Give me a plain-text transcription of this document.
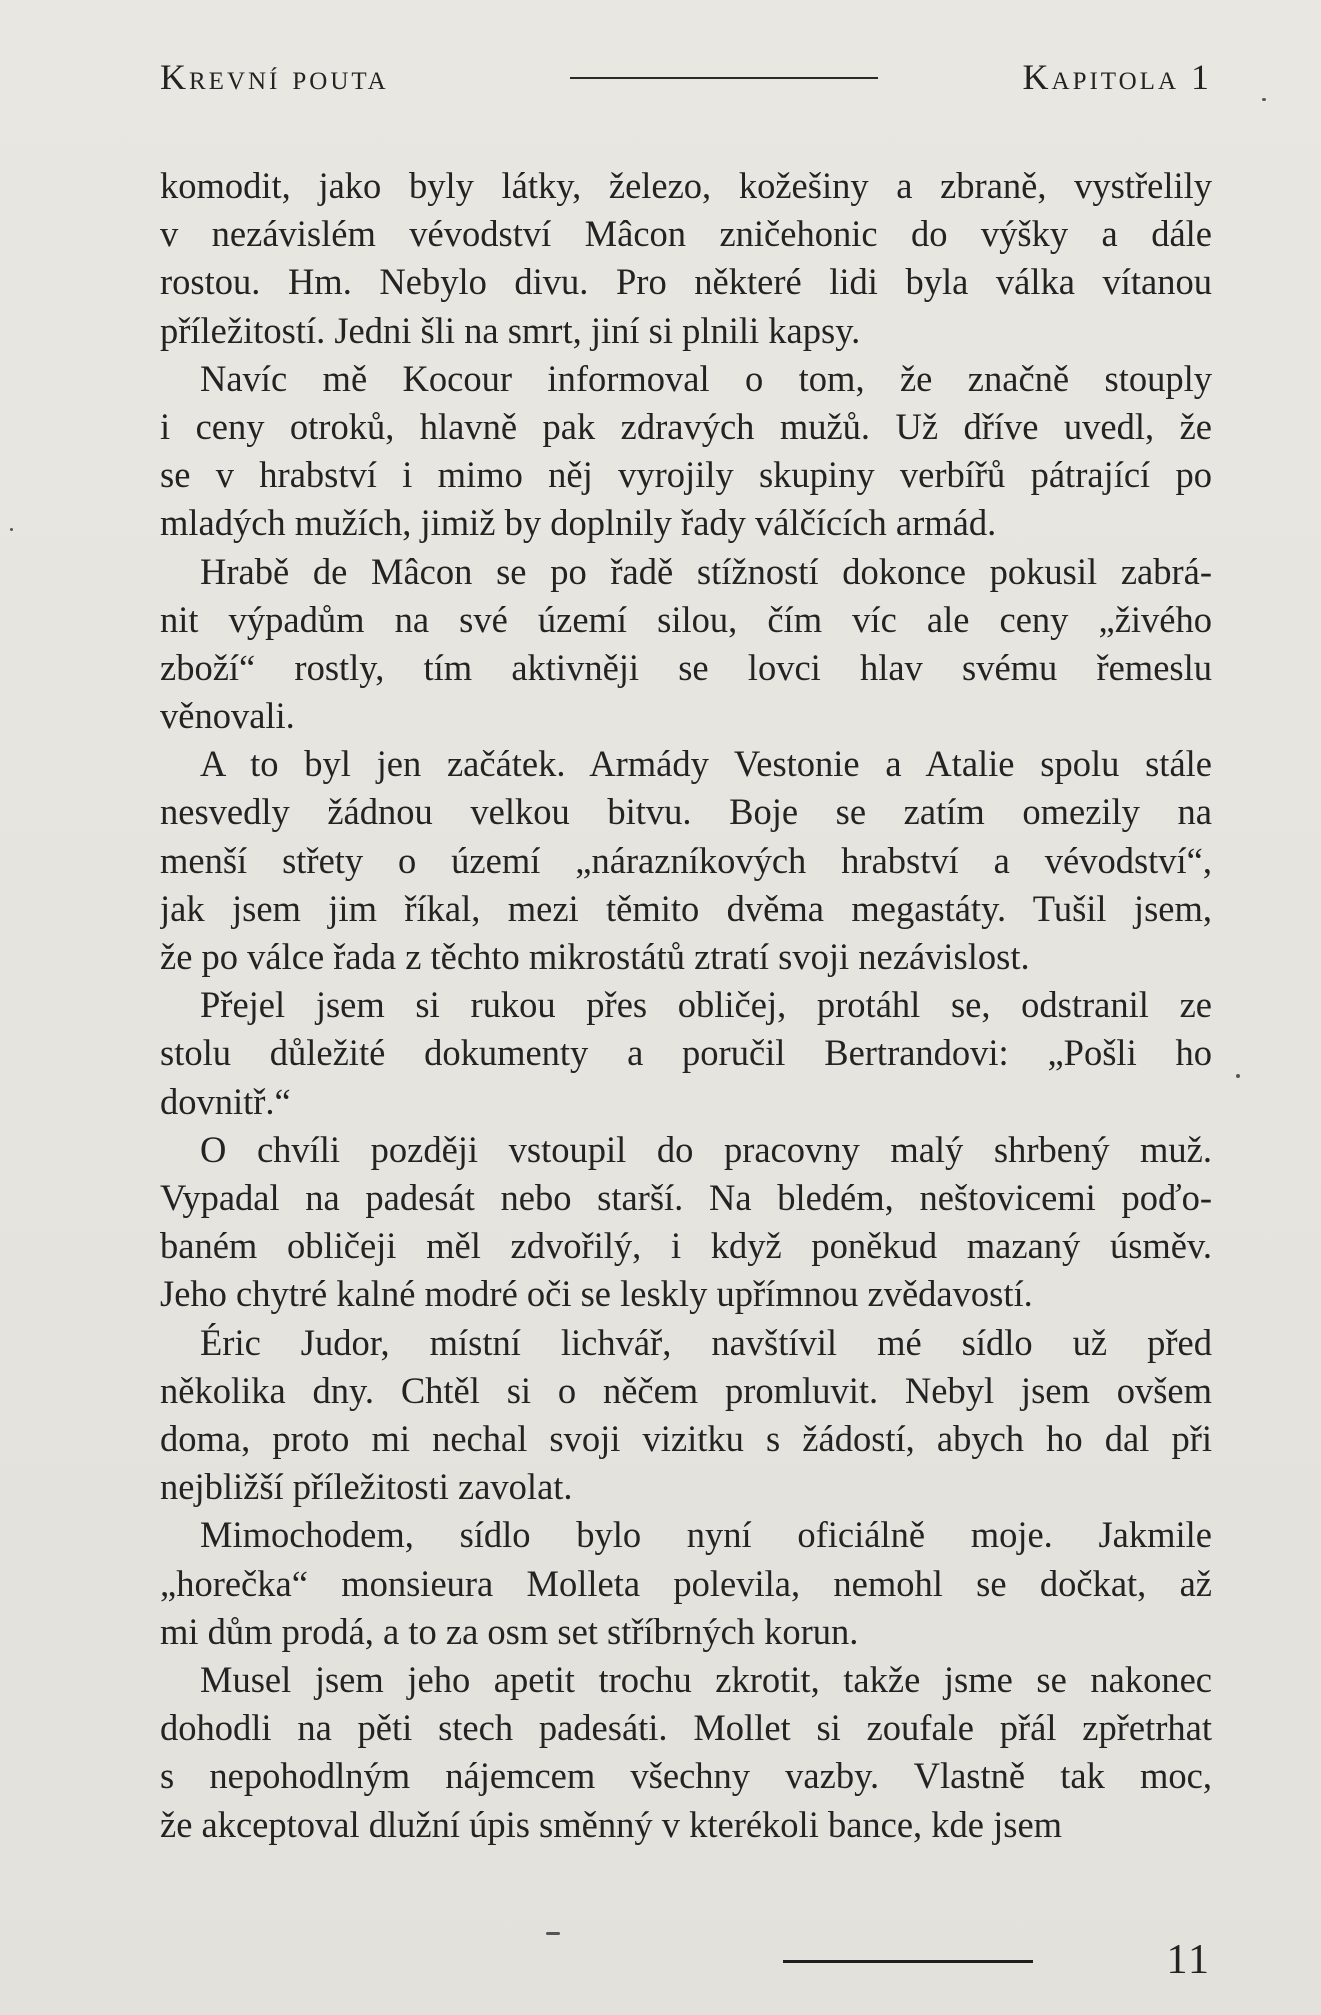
Krevní pouta	Kapitola 1

komodit, jako byly látky, železo, kožešiny a zbraně, vystřelily
v nezávislém vévodství Mâcon zničehonic do výšky a dále
rostou. Hm. Nebylo divu. Pro některé lidi byla válka vítanou
příležitostí. Jedni šli na smrt, jiní si plnili kapsy.

Navíc mě Kocour informoval o tom, že značně stouply
i ceny otroků, hlavně pak zdravých mužů. Už dříve uvedl, že
se v hrabství i mimo něj vyrojily skupiny verbířů pátrající po
mladých mužích, jimiž by doplnily řady válčících armád.

Hrabě de Mâcon se po řadě stížností dokonce pokusil zabrá-
nit výpadům na své území silou, čím víc ale ceny „živého
zboží“ rostly, tím aktivněji se lovci hlav svému řemeslu
věnovali.

A to byl jen začátek. Armády Vestonie a Atalie spolu stále
nesvedly žádnou velkou bitvu. Boje se zatím omezily na
menší střety o území „nárazníkových hrabství a vévodství“,
jak jsem jim říkal, mezi těmito dvěma megastáty. Tušil jsem,
že po válce řada z těchto mikrostátů ztratí svoji nezávislost.

Přejel jsem si rukou přes obličej, protáhl se, odstranil ze
stolu důležité dokumenty a poručil Bertrandovi: „Pošli ho
dovnitř.“

O chvíli později vstoupil do pracovny malý shrbený muž.
Vypadal na padesát nebo starší. Na bledém, neštovicemi poďo-
baném obličeji měl zdvořilý, i když poněkud mazaný úsměv.
Jeho chytré kalné modré oči se leskly upřímnou zvědavostí.

Éric Judor, místní lichvář, navštívil mé sídlo už před
několika dny. Chtěl si o něčem promluvit. Nebyl jsem ovšem
doma, proto mi nechal svoji vizitku s žádostí, abych ho dal při
nejbližší příležitosti zavolat.

Mimochodem, sídlo bylo nyní oficiálně moje. Jakmile
„horečka“ monsieura Molleta polevila, nemohl se dočkat, až
mi dům prodá, a to za osm set stříbrných korun.

Musel jsem jeho apetit trochu zkrotit, takže jsme se nakonec
dohodli na pěti stech padesáti. Mollet si zoufale přál zpřetrhat
s nepohodlným nájemcem všechny vazby. Vlastně tak moc,
že akceptoval dlužní úpis směnný v kterékoli bance, kde jsem

11
